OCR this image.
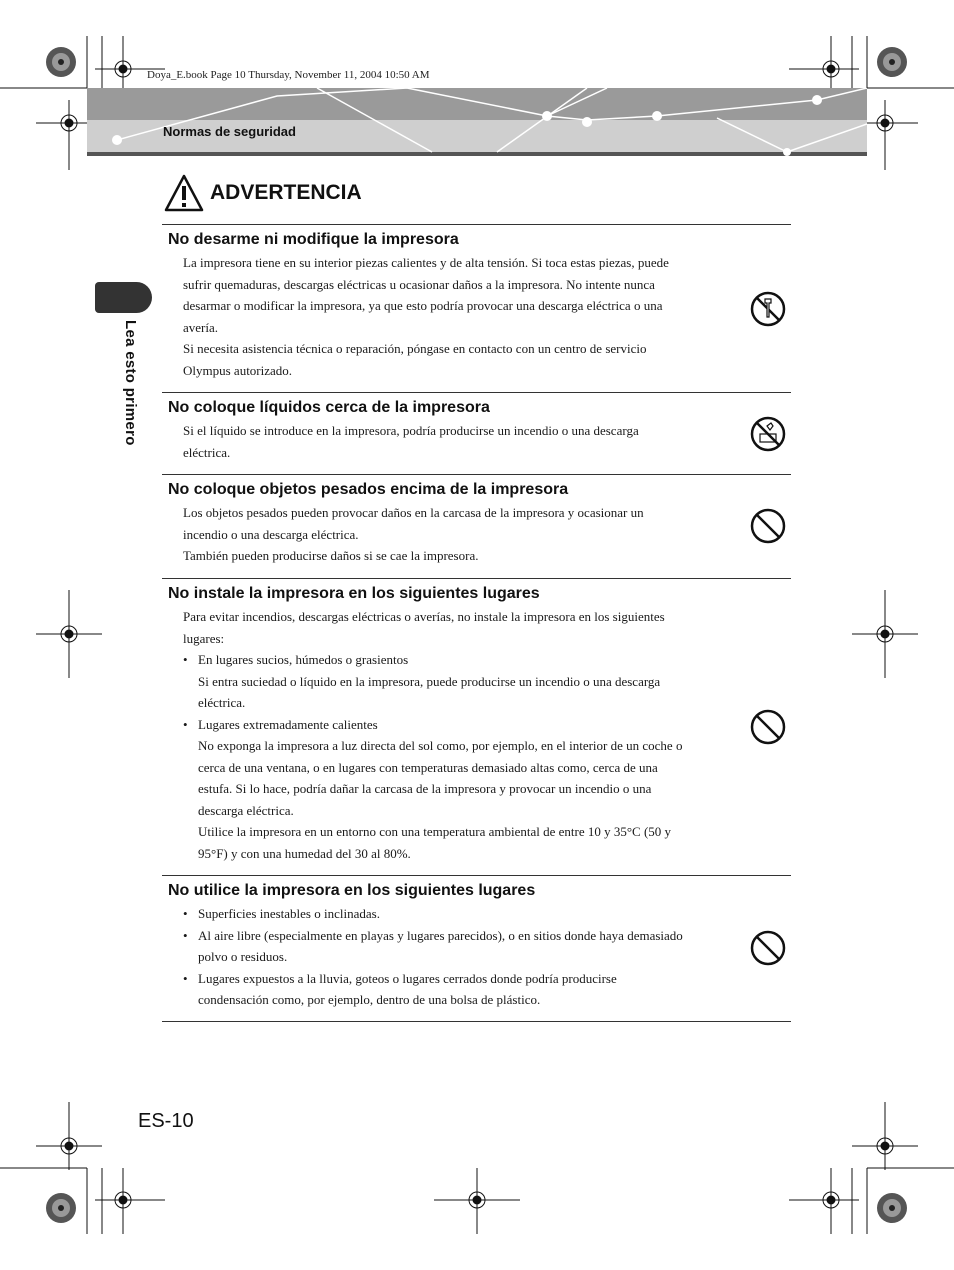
Doya_E.book Page 10 Thursday, November 11, 2004 10:50 AM
Normas de seguridad
Lea esto primero
ADVERTENCIA
No desarme ni modifique la impresora

La impresora tiene en su interior piezas calientes y de alta tensión. Si toca estas piezas, puede sufrir quemaduras, descargas eléctricas u ocasionar daños a la impresora. No intente nunca desarmar o modificar la impresora, ya que esto podría provocar una descarga eléctrica o una avería.

Si necesita asistencia técnica o reparación, póngase en contacto con un centro de servicio Olympus autorizado.

No coloque líquidos cerca de la impresora

Si el líquido se introduce en la impresora, podría producirse un incendio o una descarga eléctrica.

No coloque objetos pesados encima de la impresora

Los objetos pesados pueden provocar daños en la carcasa de la impresora y ocasionar un incendio o una descarga eléctrica.

También pueden producirse daños si se cae la impresora.

No instale la impresora en los siguientes lugares

Para evitar incendios, descargas eléctricas o averías, no instale la impresora en los siguientes lugares:

• En lugares sucios, húmedos o grasientos

Si entra suciedad o líquido en la impresora, puede producirse un incendio o una descarga eléctrica.

• Lugares extremadamente calientes

No exponga la impresora a luz directa del sol como, por ejemplo, en el interior de un coche o cerca de una ventana, o en lugares con temperaturas demasiado altas como, cerca de una estufa. Si lo hace, podría dañar la carcasa de la impresora y provocar un incendio o una descarga eléctrica.

Utilice la impresora en un entorno con una temperatura ambiental de entre 10 y 35°C (50 y 95°F) y con una humedad del 30 al 80%.

No utilice la impresora en los siguientes lugares

• Superficies inestables o inclinadas.

• Al aire libre (especialmente en playas y lugares parecidos), o en sitios donde haya demasiado polvo o residuos.

• Lugares expuestos a la lluvia, goteos o lugares cerrados donde podría producirse condensación como, por ejemplo, dentro de una bolsa de plástico.

ES-10
